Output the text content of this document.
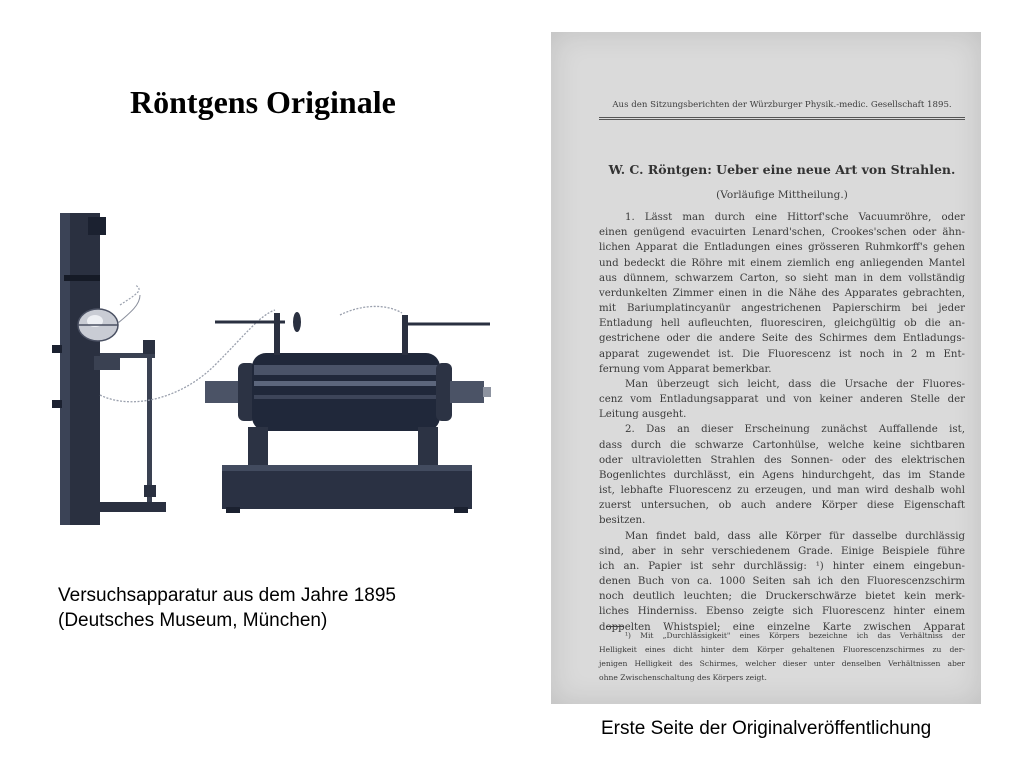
Röntgens Originale
Versuchsapparatur aus dem Jahre 1895
(Deutsches Museum, München)
Aus den Sitzungsberichten der Würzburger Physik.-medic. Gesellschaft 1895.
W. C. Röntgen: Ueber eine neue Art von Strahlen.
(Vorläufige Mittheilung.)
1. Lässt man durch eine Hittorf'sche Vacuumröhre, oder
einen genügend evacuirten Lenard'schen, Crookes'schen oder ähn-
lichen Apparat die Entladungen eines grösseren Ruhmkorff's gehen
und bedeckt die Röhre mit einem ziemlich eng anliegenden Mantel
aus dünnem, schwarzem Carton, so sieht man in dem vollständig
verdunkelten Zimmer einen in die Nähe des Apparates gebrachten,
mit Bariumplatincyanür angestrichenen Papierschirm bei jeder
Entladung hell aufleuchten, fluoresciren, gleichgültig ob die an-
gestrichene oder die andere Seite des Schirmes dem Entladungs-
apparat zugewendet ist. Die Fluorescenz ist noch in 2 m Ent-
fernung vom Apparat bemerkbar.
Man überzeugt sich leicht, dass die Ursache der Fluores-
cenz vom Entladungsapparat und von keiner anderen Stelle der
Leitung ausgeht.
2. Das an dieser Erscheinung zunächst Auffallende ist,
dass durch die schwarze Cartonhülse, welche keine sichtbaren
oder ultravioletten Strahlen des Sonnen- oder des elektrischen
Bogenlichtes durchlässt, ein Agens hindurchgeht, das im Stande
ist, lebhafte Fluorescenz zu erzeugen, und man wird deshalb wohl
zuerst untersuchen, ob auch andere Körper diese Eigenschaft
besitzen.
Man findet bald, dass alle Körper für dasselbe durchlässig
sind, aber in sehr verschiedenem Grade. Einige Beispiele führe
ich an. Papier ist sehr durchlässig: ¹) hinter einem eingebun-
denen Buch von ca. 1000 Seiten sah ich den Fluorescenzschirm
noch deutlich leuchten; die Druckerschwärze bietet kein merk-
liches Hinderniss. Ebenso zeigte sich Fluorescenz hinter einem
doppelten Whistspiel; eine einzelne Karte zwischen Apparat
¹) Mit „Durchlässigkeit" eines Körpers bezeichne ich das Verhältniss der
Helligkeit eines dicht hinter dem Körper gehaltenen Fluorescenzschirmes zu der-
jenigen Helligkeit des Schirmes, welcher dieser unter denselben Verhältnissen aber
ohne Zwischenschaltung des Körpers zeigt.
Erste Seite der Originalveröffentlichung
